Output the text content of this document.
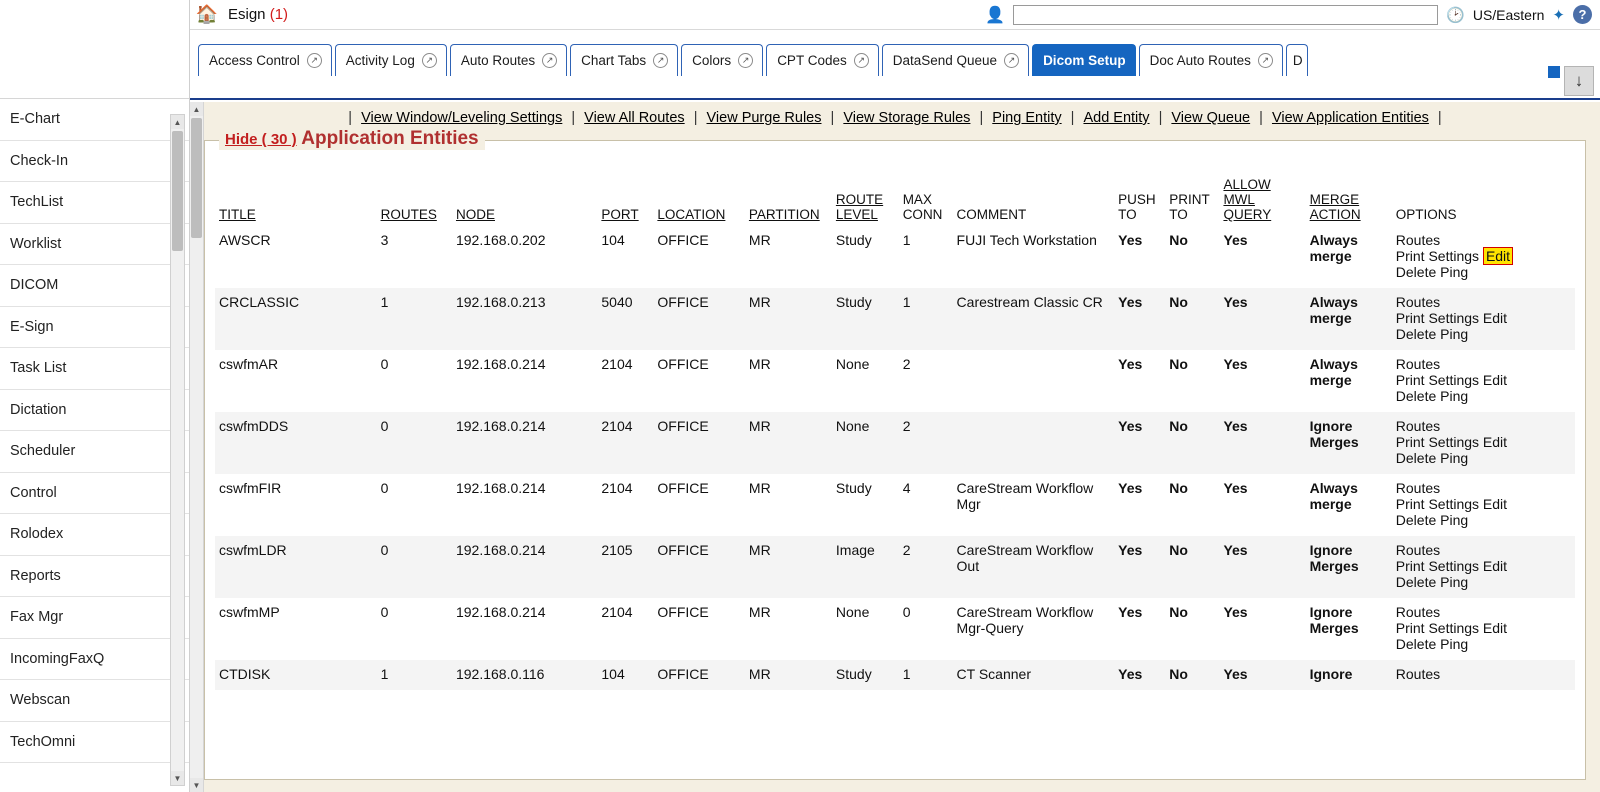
E-Chart
Check-In
TechList
Worklist
DICOM
E-Sign
Task List
Dictation
Scheduler
Control
Rolodex
Reports
Fax Mgr
IncomingFaxQ
Webscan
TechOmni
▲
▼
🏠 Esign (1)	👤	🕑 US/Eastern ✦	?
Access Control	↗ Activity Log	↗ Auto Routes	↗ Chart Tabs	↗ Colors	↗ CPT Codes	↗ DataSend Queue	↗ Dicom Setup Doc Auto Routes	↗ D
↓
▲
▼
| View Window/Leveling Settings | View All Routes | View Purge Rules | View Storage Rules | Ping Entity | Add Entity | View Queue | View Application Entities |
Hide ( 30 ) Application Entities
TITLE	ROUTES	NODE	PORT	LOCATION	PARTITION	ROUTE LEVEL	MAX CONN	COMMENT	PUSH TO	PRINT TO	ALLOW MWL QUERY	MERGE ACTION	OPTIONS
AWSCR	3	192.168.0.202	104	OFFICE	MR	Study	1	FUJI Tech Workstation	Yes	No	Yes	Always merge	Routes
Print Settings Edit
Delete Ping

CRCLASSIC	1	192.168.0.213	5040	OFFICE	MR	Study	1	Carestream Classic CR	Yes	No	Yes	Always merge	Routes
Print Settings Edit
Delete Ping

cswfmAR	0	192.168.0.214	2104	OFFICE	MR	None	2		Yes	No	Yes	Always merge	Routes
Print Settings Edit
Delete Ping

cswfmDDS	0	192.168.0.214	2104	OFFICE	MR	None	2		Yes	No	Yes	Ignore Merges	Routes
Print Settings Edit
Delete Ping

cswfmFIR	0	192.168.0.214	2104	OFFICE	MR	Study	4	CareStream Workflow Mgr	Yes	No	Yes	Always merge	Routes
Print Settings Edit
Delete Ping

cswfmLDR	0	192.168.0.214	2105	OFFICE	MR	Image	2	CareStream Workflow Out	Yes	No	Yes	Ignore Merges	Routes
Print Settings Edit
Delete Ping

cswfmMP	0	192.168.0.214	2104	OFFICE	MR	None	0	CareStream Workflow Mgr-Query	Yes	No	Yes	Ignore Merges	Routes
Print Settings Edit
Delete Ping

CTDISK	1	192.168.0.116	104	OFFICE	MR	Study	1	CT Scanner	Yes	No	Yes	Ignore	Routes
